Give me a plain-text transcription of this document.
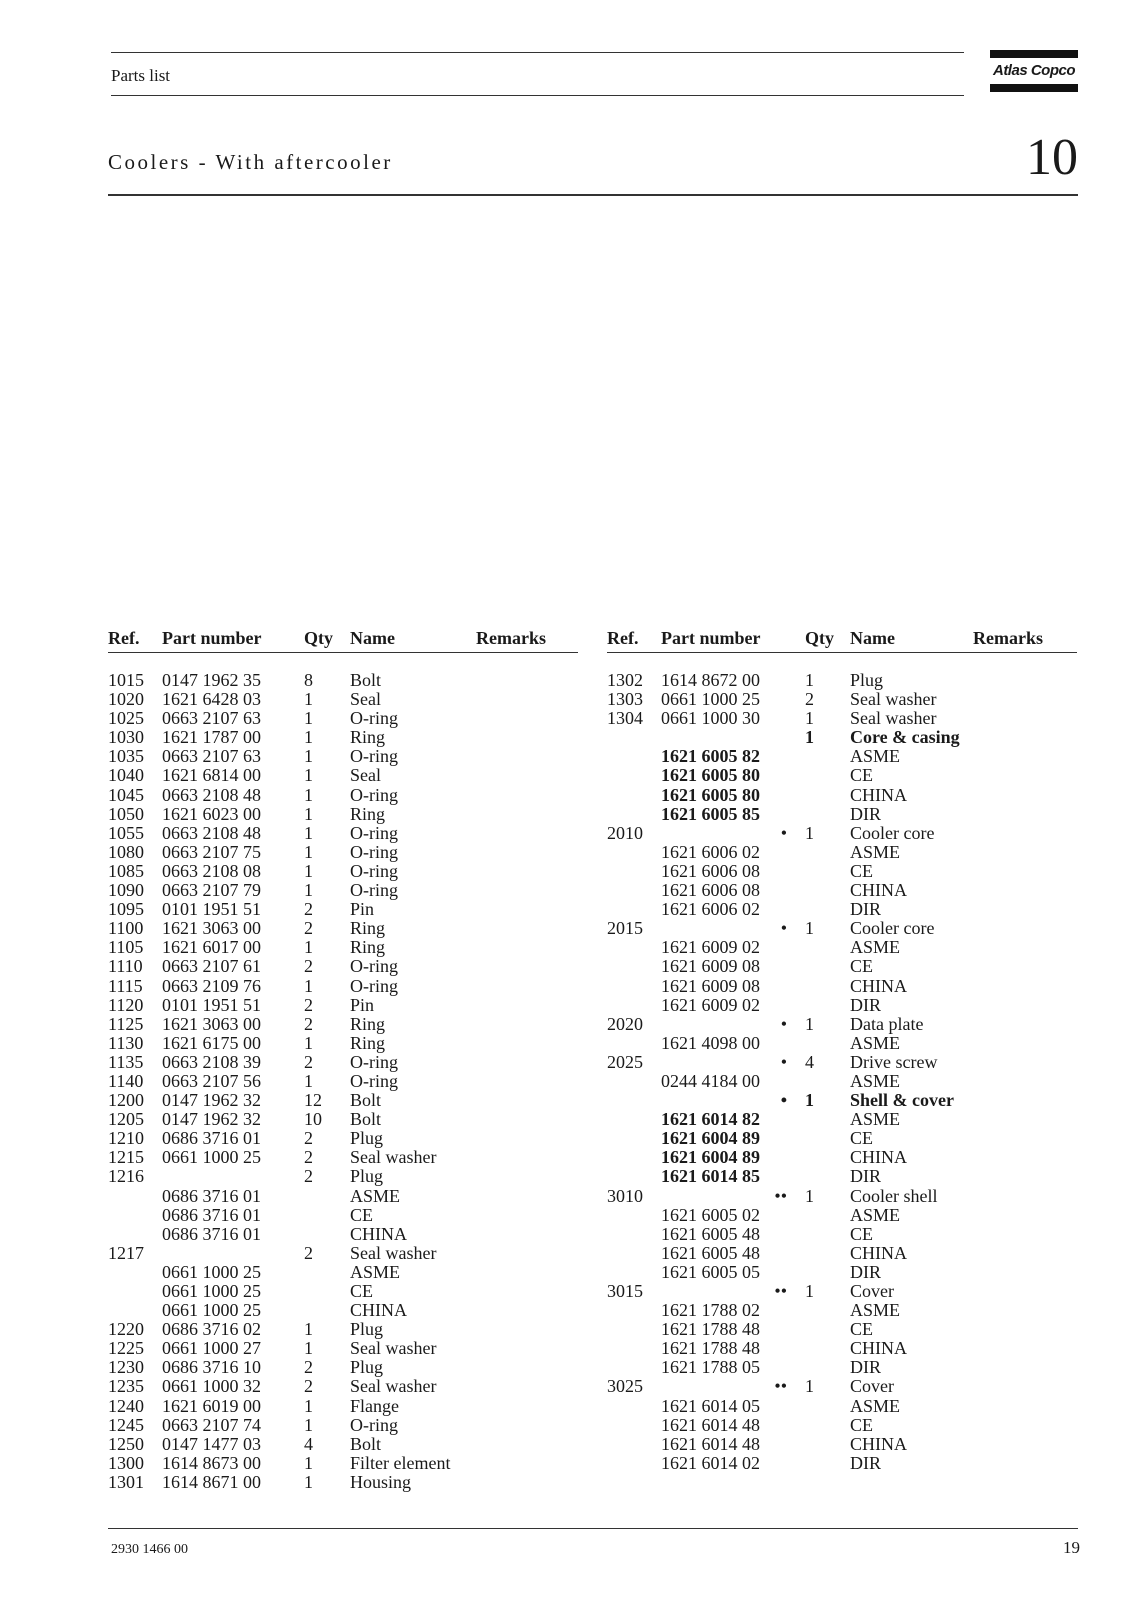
Parts list	Atlas Copco
Coolers - With aftercooler	10
Ref. Part number Qty Name	Remarks
1015 0147 1962 35 8 Bolt
1020 1621 6428 03 1 Seal
1025 0663 2107 63 1 O-ring
1030 1621 1787 00 1 Ring
1035 0663 2107 63 1 O-ring
1040 1621 6814 00 1 Seal
1045 0663 2108 48 1 O-ring
1050 1621 6023 00 1 Ring
1055 0663 2108 48 1 O-ring
1080 0663 2107 75 1 O-ring
1085 0663 2108 08 1 O-ring
1090 0663 2107 79 1 O-ring
1095 0101 1951 51 2 Pin
1100 1621 3063 00 2 Ring
1105 1621 6017 00 1 Ring
1110 0663 2107 61 2 O-ring
1115 0663 2109 76 1 O-ring
1120 0101 1951 51 2 Pin
1125 1621 3063 00 2 Ring
1130 1621 6175 00 1 Ring
1135 0663 2108 39 2 O-ring
1140 0663 2107 56 1 O-ring
1200 0147 1962 32 12 Bolt
1205 0147 1962 32 10 Bolt
1210 0686 3716 01 2 Plug
1215 0661 1000 25 2 Seal washer
1216	2 Plug
0686 3716 01	ASME
0686 3716 01	CE
0686 3716 01	CHINA
1217	2 Seal washer
0661 1000 25	ASME
0661 1000 25	CE
0661 1000 25	CHINA
1220 0686 3716 02 1 Plug
1225 0661 1000 27 1 Seal washer
1230 0686 3716 10 2 Plug
1235 0661 1000 32 2 Seal washer
1240 1621 6019 00 1 Flange
1245 0663 2107 74 1 O-ring
1250 0147 1477 03 4 Bolt
1300 1614 8673 00 1 Filter element
1301 1614 8671 00 1 Housing
Ref. Part number Qty Name	Remarks
1302 1614 8672 00	1 Plug
1303 0661 1000 25	2 Seal washer
1304 0661 1000 30	1 Seal washer
1 Core & casing
1621 6005 82	ASME
1621 6005 80	CE
1621 6005 80	CHINA
1621 6005 85	DIR
2010	• 1 Cooler core
1621 6006 02	ASME
1621 6006 08	CE
1621 6006 08	CHINA
1621 6006 02	DIR
2015	• 1 Cooler core
1621 6009 02	ASME
1621 6009 08	CE
1621 6009 08	CHINA
1621 6009 02	DIR
2020	• 1 Data plate
1621 4098 00	ASME
2025	• 4 Drive screw
0244 4184 00	ASME
• 1 Shell & cover
1621 6014 82	ASME
1621 6004 89	CE
1621 6004 89	CHINA
1621 6014 85	DIR
3010	•• 1 Cooler shell
1621 6005 02	ASME
1621 6005 48	CE
1621 6005 48	CHINA
1621 6005 05	DIR
3015	•• 1 Cover
1621 1788 02	ASME
1621 1788 48	CE
1621 1788 48	CHINA
1621 1788 05	DIR
3025	•• 1 Cover
1621 6014 05	ASME
1621 6014 48	CE
1621 6014 48	CHINA
1621 6014 02	DIR
2930 1466 00	19
